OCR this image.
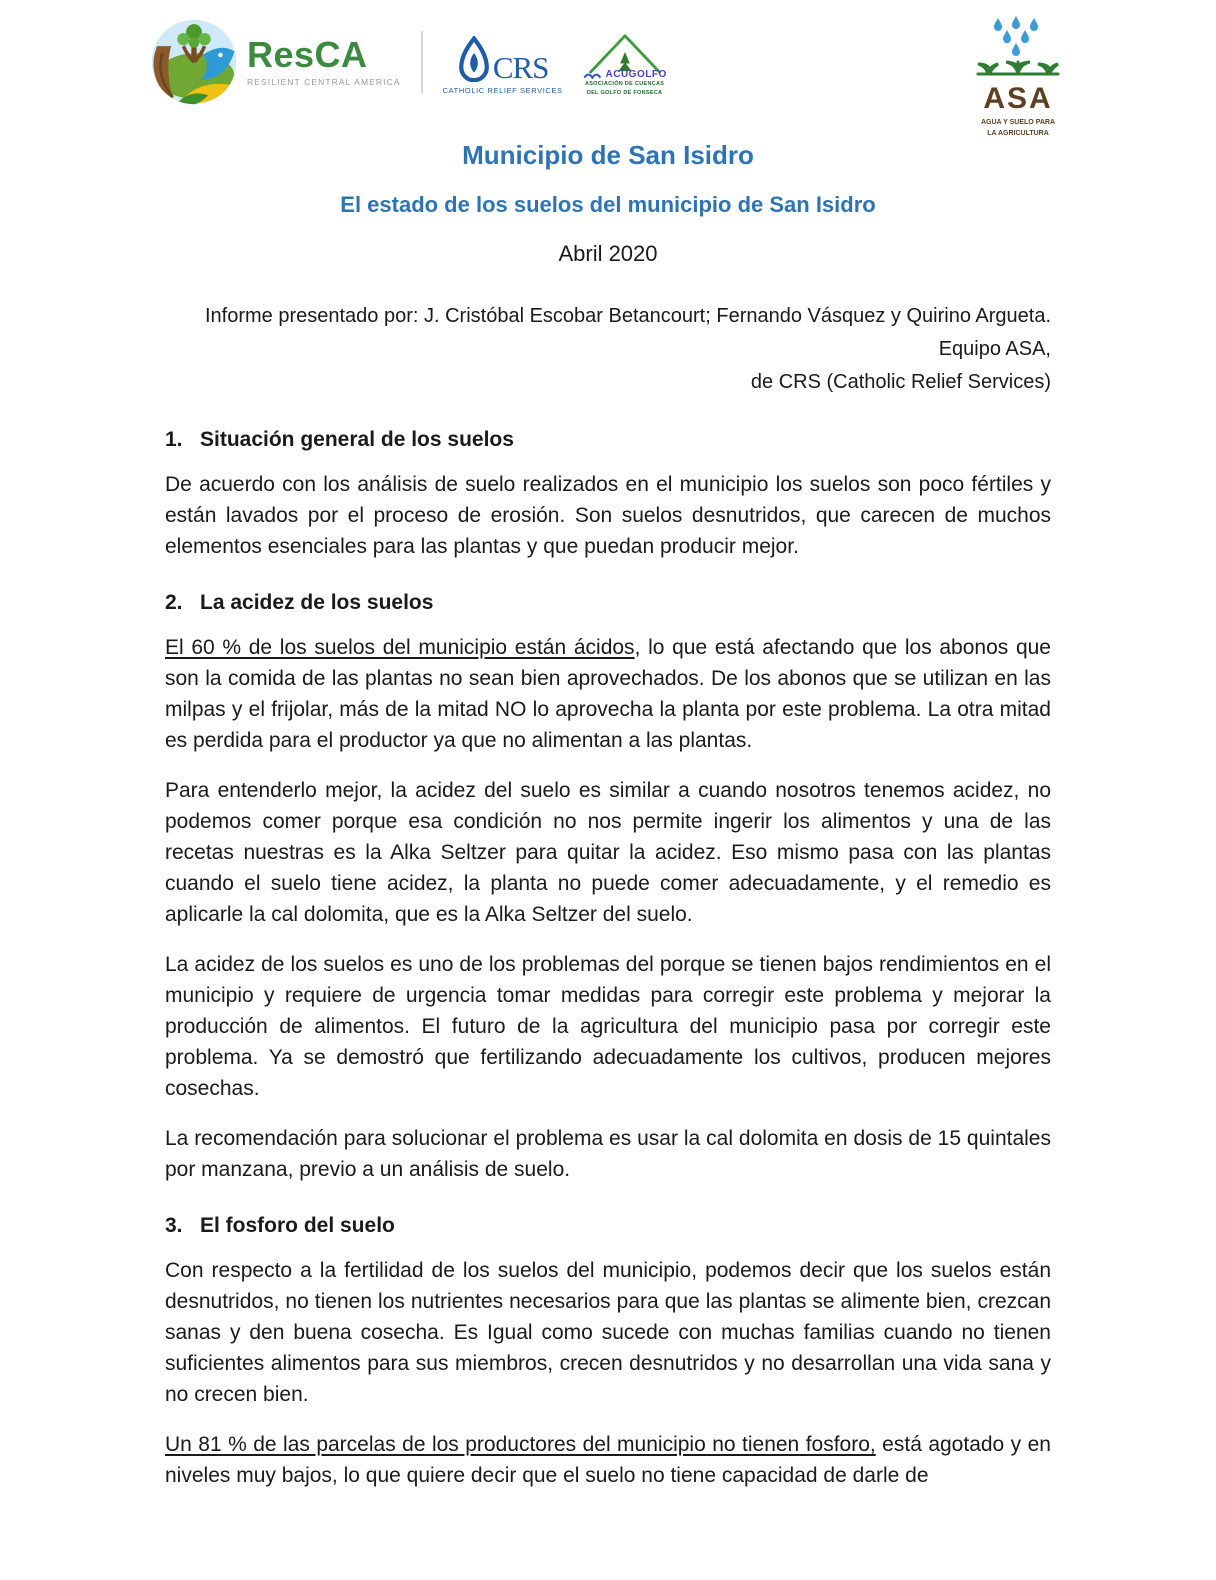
ResCA
RESILIENT CENTRAL AMERICA	CRS
CATHOLIC RELIEF SERVICES
ACUGOLFO
ASOCIACIÓN DE CUENCAS
DEL GOLFO DE FONSECA	ASA
AGUA Y SUELO PARA
LA AGRICULTURA
Municipio de San Isidro
El estado de los suelos del municipio de San Isidro
Abril 2020
Informe presentado por: J. Cristóbal Escobar Betancourt; Fernando Vásquez y Quirino Argueta. Equipo ASA,
de CRS (Catholic Relief Services)
1. Situación general de los suelos

De acuerdo con los análisis de suelo realizados en el municipio los suelos son poco fértiles y están lavados por el proceso de erosión. Son suelos desnutridos, que carecen de muchos elementos esenciales para las plantas y que puedan producir mejor.

2. La acidez de los suelos

El 60 % de los suelos del municipio están ácidos, lo que está afectando que los abonos que son la comida de las plantas no sean bien aprovechados. De los abonos que se utilizan en las milpas y el frijolar, más de la mitad NO lo aprovecha la planta por este problema. La otra mitad es perdida para el productor ya que no alimentan a las plantas.

Para entenderlo mejor, la acidez del suelo es similar a cuando nosotros tenemos acidez, no podemos comer porque esa condición no nos permite ingerir los alimentos y una de las recetas nuestras es la Alka Seltzer para quitar la acidez. Eso mismo pasa con las plantas cuando el suelo tiene acidez, la planta no puede comer adecuadamente, y el remedio es aplicarle la cal dolomita, que es la Alka Seltzer del suelo.

La acidez de los suelos es uno de los problemas del porque se tienen bajos rendimientos en el municipio y requiere de urgencia tomar medidas para corregir este problema y mejorar la producción de alimentos. El futuro de la agricultura del municipio pasa por corregir este problema. Ya se demostró que fertilizando adecuadamente los cultivos, producen mejores cosechas.

La recomendación para solucionar el problema es usar la cal dolomita en dosis de 15 quintales por manzana, previo a un análisis de suelo.

3. El fosforo del suelo

Con respecto a la fertilidad de los suelos del municipio, podemos decir que los suelos están desnutridos, no tienen los nutrientes necesarios para que las plantas se alimente bien, crezcan sanas y den buena cosecha. Es Igual como sucede con muchas familias cuando no tienen suficientes alimentos para sus miembros, crecen desnutridos y no desarrollan una vida sana y no crecen bien.

Un 81 % de las parcelas de los productores del municipio no tienen fosforo, está agotado y en niveles muy bajos, lo que quiere decir que el suelo no tiene capacidad de darle de
